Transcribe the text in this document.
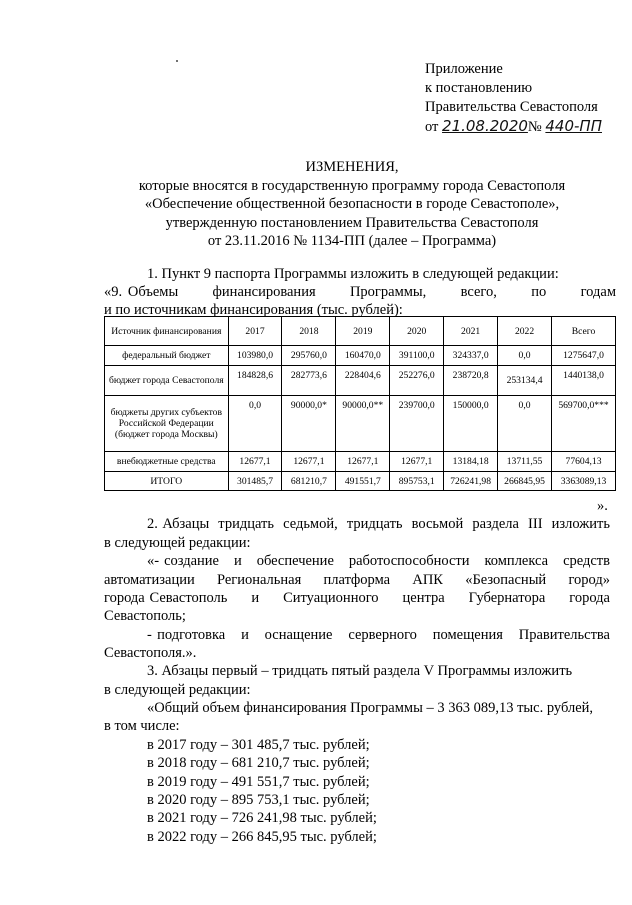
Приложение
к постановлению
Правительства Севастополя
от
21.08.2020 №
440-ПП
ИЗМЕНЕНИЯ,
которые вносятся в государственную программу города Севастополя
«Обеспечение общественной безопасности в городе Севастополе»,
утвержденную постановлением Правительства Севастополя
от 23.11.2016 № 1134-ПП (далее – Программа)
1. Пункт 9 паспорта Программы изложить в следующей редакции:
«9. Объемы      финансирования      Программы,      всего,      по      годам
и по источникам финансирования (тыс. рублей):
Источник финансирования	2017	2018	2019	2020	2021	2022	Всего
федеральный бюджет	103980,0	295760,0	160470,0	391100,0	324337,0	0,0	1275647,0
бюджет города Севастополя	184828,6	282773,6	228404,6	252276,0	238720,8	253134,4	1440138,0
бюджеты других субъектов Российской Федерации (бюджет города Москвы)	0,0	90000,0*	90000,0**	239700,0	150000,0	0,0	569700,0***
внебюджетные средства	12677,1	12677,1	12677,1	12677,1	13184,18	13711,55	77604,13
ИТОГО	301485,7	681210,7	491551,7	895753,1	726241,98	266845,95	3363089,13
».
2. Абзацы  тридцать  седьмой,  тридцать  восьмой  раздела  III  изложить
в следующей редакции:
«- создание   и   обеспечение   работоспособности   комплекса   средств
автоматизации   Региональная   платформа   АПК   «Безопасный   город»
города Севастополь     и     Ситуационного     центра     Губернатора     города
Севастополь;
- подготовка   и   оснащение   серверного   помещения   Правительства
Севастополя.».
3. Абзацы первый – тридцать пятый раздела V Программы изложить
в следующей редакции:
«Общий объем финансирования Программы – 3 363 089,13 тыс. рублей,
в том числе:
в 2017 году – 301 485,7 тыс. рублей;
в 2018 году – 681 210,7 тыс. рублей;
в 2019 году – 491 551,7 тыс. рублей;
в 2020 году – 895 753,1 тыс. рублей;
в 2021 году – 726 241,98 тыс. рублей;
в 2022 году – 266 845,95 тыс. рублей;
